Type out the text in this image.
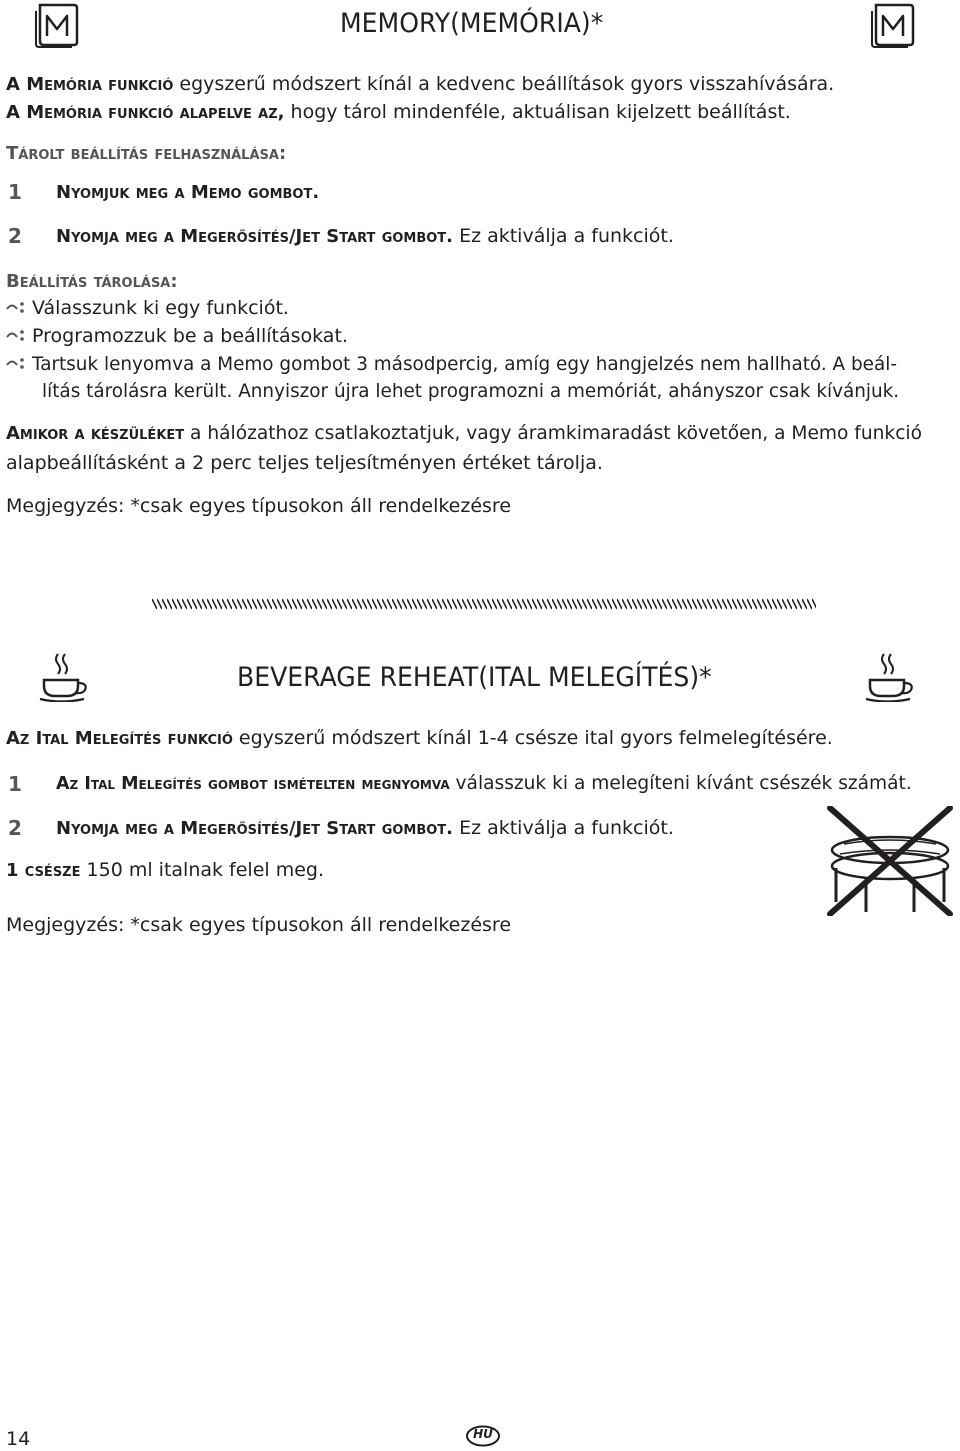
MEMORY(MEMÓRIA)*
A Memória funkció egyszerű módszert kínál a kedvenc beállítások gyors visszahívására.
A Memória funkció alapelve az, hogy tárol mindenféle, aktuálisan kijelzett beállítást.
Tárolt beállítás felhasználása:
1 Nyomjuk meg a Memo gombot.
2 Nyomja meg a Megerősítés/Jet Start gombot. Ez aktiválja a funkciót.
Beállítás tárolása:
Válasszunk ki egy funkciót.
Programozzuk be a beállításokat.
Tartsuk lenyomva a Memo gombot 3 másodpercig, amíg egy hangjelzés nem hallható. A beál-
lítás tárolásra került. Annyiszor újra lehet programozni a memóriát, ahányszor csak kívánjuk.
Amikor a készüléket a hálózathoz csatlakoztatjuk, vagy áramkimaradást követően, a Memo funkció
alapbeállításként a 2 perc teljes teljesítményen értéket tárolja.
Megjegyzés: *csak egyes típusokon áll rendelkezésre
BEVERAGE REHEAT(ITAL MELEGÍTÉS)*
Az Ital Melegítés funkció egyszerű módszert kínál 1-4 csésze ital gyors felmelegítésére.
1 Az Ital Melegítés gombot ismételten megnyomva válasszuk ki a melegíteni kívánt csészék számát.
2 Nyomja meg a Megerősítés/Jet Start gombot. Ez aktiválja a funkciót.
1 csésze 150 ml italnak felel meg.
Megjegyzés: *csak egyes típusokon áll rendelkezésre
14	HU
